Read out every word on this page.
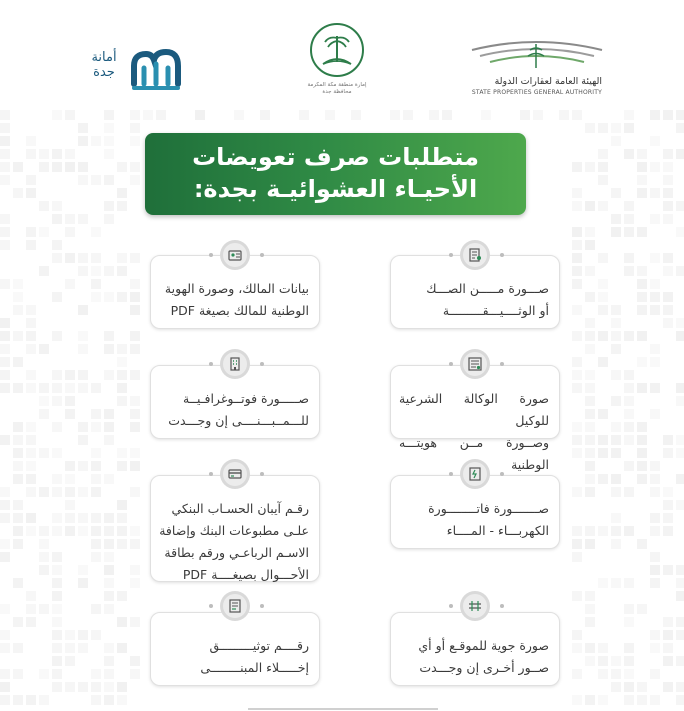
أمانة
جدة
إمارة منطقة مكة المكرمة
محافظة جدة
الهيئة العامة لعقارات الدولة
STATE PROPERTIES GENERAL AUTHORITY
متطلبات صرف تعويضات
الأحيـاء العشوائيـة بجدة:
صـــورة مـــــن الصـــك
أو الوثــــيـــقـــــــــة
بيانات المالك، وصورة الهوية
الوطنية للمالك بصيغة PDF
صورة الوكالة الشرعية للوكيل
وصــورة مــن هويتـــه الوطنية
صـــــورة فوتــوغرافـيــة
للـــمــبـــنــــى إن وجـــدت
صـــــــورة فاتــــــــورة
الكهربـــاء - المــــاء
رقـم آيبان الحسـاب البنكي
علـى مطبوعات البنك وإضافة
الاسـم الرباعـي ورقم بطاقة
الأحـــوال بصيغــــة PDF
صورة جوية للموقـع أو أي
صــور أخـرى إن وجـــدت
رقــــم توثيـــــــــق
إخـــــلاء المبنــــــــى
